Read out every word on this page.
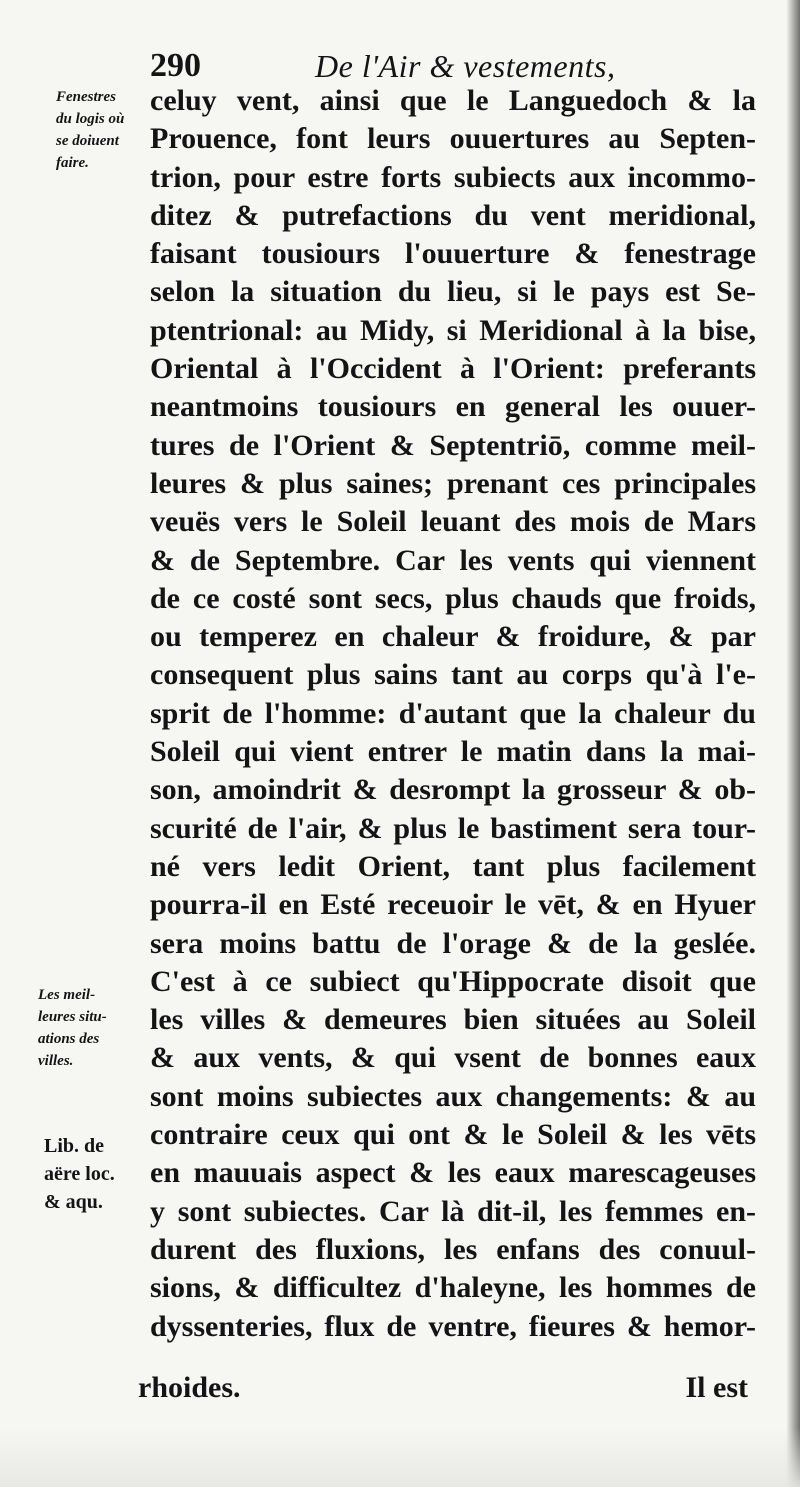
290	De l'Air & vestements,
Fenestres
du logis où
se doiuent
faire.
Les meil-
leures situ-
ations des
villes.
Lib. de
aëre loc.
& aqu.
celuy vent, ainsi que le Languedoch & la
Prouence, font leurs ouuertures au Septen-
trion, pour estre forts subiects aux incommo-
ditez & putrefactions du vent meridional,
faisant tousiours l'ouuerture & fenestrage
selon la situation du lieu, si le pays est Se-
ptentrional: au Midy, si Meridional à la bise,
Oriental à l'Occident à l'Orient: preferants
neantmoins tousiours en general les ouuer-
tures de l'Orient & Septentriō, comme meil-
leures & plus saines; prenant ces principales
veuës vers le Soleil leuant des mois de Mars
& de Septembre. Car les vents qui viennent
de ce costé sont secs, plus chauds que froids,
ou temperez en chaleur & froidure, & par
consequent plus sains tant au corps qu'à l'e-
sprit de l'homme: d'autant que la chaleur du
Soleil qui vient entrer le matin dans la mai-
son, amoindrit & desrompt la grosseur & ob-
scurité de l'air, & plus le bastiment sera tour-
né vers ledit Orient, tant plus facilement
pourra-il en Esté receuoir le vēt, & en Hyuer
sera moins battu de l'orage & de la geslée.
C'est à ce subiect qu'Hippocrate disoit que
les villes & demeures bien situées au Soleil
& aux vents, & qui vsent de bonnes eaux
sont moins subiectes aux changements: & au
contraire ceux qui ont & le Soleil & les vēts
en mauuais aspect & les eaux marescageuses
y sont subiectes. Car là dit-il, les femmes en-
durent des fluxions, les enfans des conuul-
sions, & difficultez d'haleyne, les hommes de
dyssenteries, flux de ventre, fieures & hemor-
rhoides.	Il est
